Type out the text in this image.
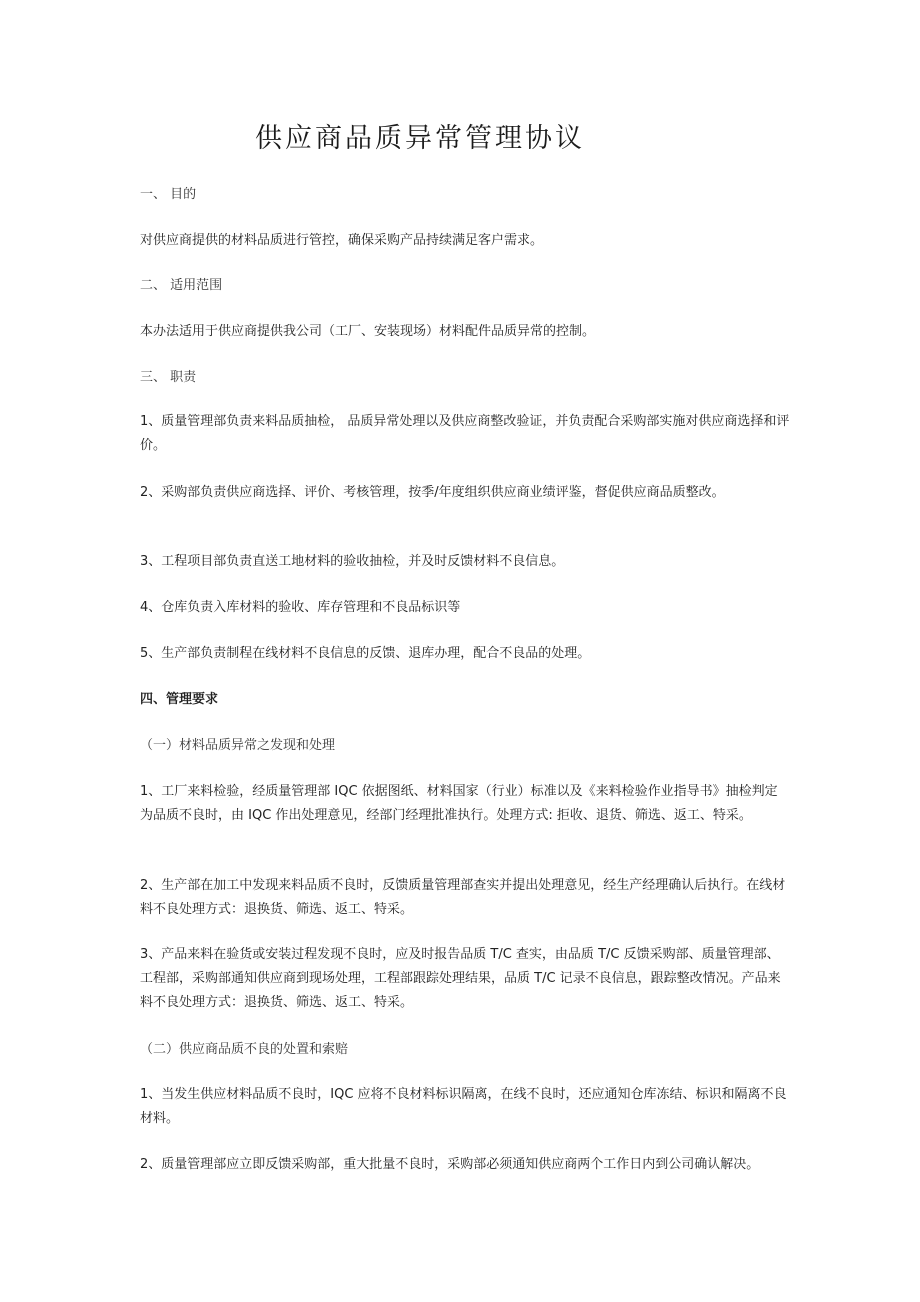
供应商品质异常管理协议
一、 目的
对供应商提供的材料品质进行管控，确保采购产品持续满足客户需求。
二、 适用范围
本办法适用于供应商提供我公司（工厂、安装现场）材料配件品质异常的控制。
三、 职责
1、质量管理部负责来料品质抽检， 品质异常处理以及供应商整改验证，并负责配合采购部实施对供应商选择和评价。
2、采购部负责供应商选择、评价、考核管理，按季/年度组织供应商业绩评鉴，督促供应商品质整改。
3、工程项目部负责直送工地材料的验收抽检，并及时反馈材料不良信息。
4、仓库负责入库材料的验收、库存管理和不良品标识等
5、生产部负责制程在线材料不良信息的反馈、退库办理，配合不良品的处理。
四、管理要求
（一）材料品质异常之发现和处理
1、工厂来料检验，经质量管理部 IQC 依据图纸、材料国家（行业）标准以及《来料检验作业指导书》抽检判定为品质不良时，由 IQC 作出处理意见，经部门经理批准执行。处理方式: 拒收、退货、筛选、返工、特采。
2、生产部在加工中发现来料品质不良时，反馈质量管理部查实并提出处理意见，经生产经理确认后执行。在线材料不良处理方式：退换货、筛选、返工、特采。
3、产品来料在验货或安装过程发现不良时，应及时报告品质 T/C 查实，由品质 T/C 反馈采购部、质量管理部、工程部，采购部通知供应商到现场处理，工程部跟踪处理结果，品质 T/C 记录不良信息，跟踪整改情况。产品来料不良处理方式：退换货、筛选、返工、特采。
（二）供应商品质不良的处置和索赔
1、当发生供应材料品质不良时，IQC 应将不良材料标识隔离，在线不良时，还应通知仓库冻结、标识和隔离不良材料。
2、质量管理部应立即反馈采购部，重大批量不良时，采购部必须通知供应商两个工作日内到公司确认解决。
